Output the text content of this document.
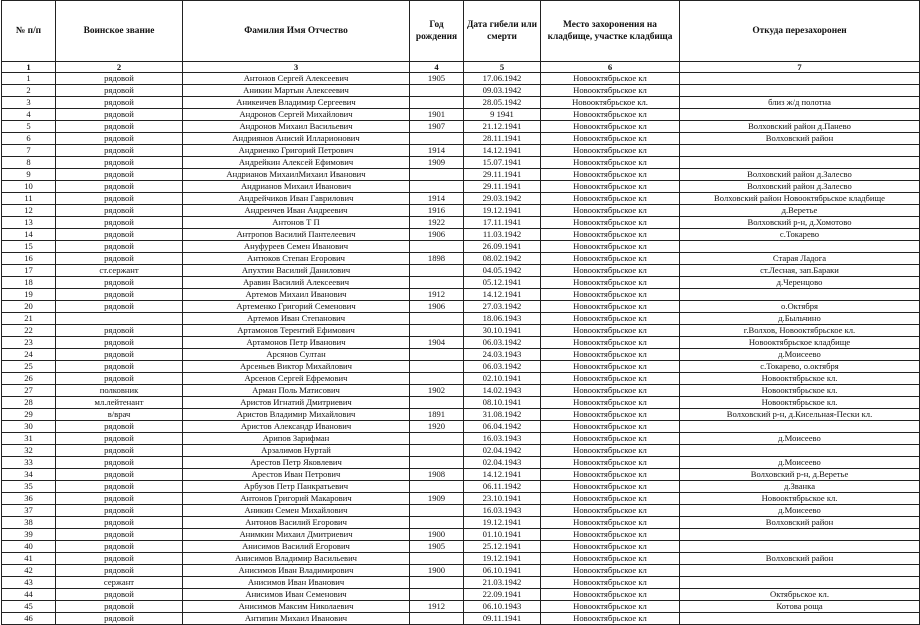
№ п/п	Воинское звание	Фамилия Имя Отчество	Год рождения	Дата гибели или смерти	Место захоронения на кладбище, участке кладбища	Откуда перезахоронен
1	2	3	4	5	6	7
1	рядовой	Антонов Сергей Алексеевич	1905	17.06.1942	Новооктябрьское кл	
2	рядовой	Аникин Мартын Алексеевич		09.03.1942	Новооктябрьское кл	
3	рядовой	Аникеичев Владимир Сергеевич		28.05.1942	Новооктябрьское кл.	близ ж/д полотна
4	рядовой	Андронов Сергей Михайлович	1901	9 1941	Новооктябрьское кл	
5	рядовой	Андронов Михаил Васильевич	1907	21.12.1941	Новооктябрьское кл	Волховский район д.Панево
6	рядовой	Андриянов Анисий Илларионович		28.11.1941	Новооктябрьское кл	Волховский район
7	рядовой	Андриенко Григорий Петрович	1914	14.12.1941	Новооктябрьское кл	
8	рядовой	Андрейкин Алексей Ефимович	1909	15.07.1941	Новооктябрьское кл	
9	рядовой	Андрианов МихаилМихаил Иванович		29.11.1941	Новооктябрьское кл	Волховский район д.Залесво
10	рядовой	Андрианов Михаил Иванович		29.11.1941	Новооктябрьское кл	Волховский район д.Залесво
11	рядовой	Андрейчиков Иван Гаврилович	1914	29.03.1942	Новооктябрьское кл	Волховский район Новооктябрьское кладбище
12	рядовой	Андреичев Иван Андреевич	1916	19.12.1941	Новооктябрьское кл	д.Веретье
13	рядовой	Антонов Т П	1922	17.11.1941	Новооктябрьское кл	Волховский р-н, д.Хомотово
14	рядовой	Антропов Василий Пантелеевич	1906	11.03.1942	Новооктябрьское кл	с.Токарево
15	рядовой	Ануфуреев Семен Иванович		26.09.1941	Новооктябрьское кл	
16	рядовой	Антюков Степан Егорович	1898	08.02.1942	Новооктябрьское кл	Старая Ладога
17	ст.сержант	Апухтин Василий Данилович		04.05.1942	Новооктябрьское кл	ст.Лесная, зап.Бараки
18	рядовой	Аравин Василий Алексеевич		05.12.1941	Новооктябрьское кл	д.Черенцово
19	рядовой	Артемов Михаил Иванович	1912	14.12.1941	Новооктябрьское кл	
20	рядовой	Артеменко Григорий Семенович	1906	27.03.1942	Новооктябрьское кл	о.Октября
21		Артемов Иван Степанович		18.06.1943	Новооктябрьское кл	д.Быльчино
22	рядовой	Артамонов Терентий Ефимович		30.10.1941	Новооктябрьское кл	г.Волхов, Новооктябрьское кл.
23	рядовой	Артамонов Петр Иванович	1904	06.03.1942	Новооктябрьское кл	Новооктябрьское кладбище
24	рядовой	Арсянов Султан		24.03.1943	Новооктябрьское кл	д.Моисеево
25	рядовой	Арсеньев Виктор Михайлович		06.03.1942	Новооктябрьское кл	с.Токарево, о.октября
26	рядовой	Арсенов Сергей Ефремович		02.10.1941	Новооктябрьское кл	Новооктябрьское кл.
27	полковник	Арман Поль Матисович	1902	14.02.1943	Новооктябрьское кл	Новооктябрьское кл.
28	мл.лейтенант	Аристов Игнатий Дмитриевич		08.10.1941	Новооктябрьское кл	Новооктябрьское кл.
29	в/врач	Аристов Владимир Михайлович	1891	31.08.1942	Новооктябрьское кл	Волховский р-н, д.Кисельная-Пески кл.
30	рядовой	Аристов Александр Иванович	1920	06.04.1942	Новооктябрьское кл	
31	рядовой	Арипов Зарифман		16.03.1943	Новооктябрьское кл	д.Моисеево
32	рядовой	Арзалимов Нуртай		02.04.1942	Новооктябрьское кл	
33	рядовой	Арестов Петр Яковлевич		02.04.1943	Новооктябрьское кл	д.Моисеево
34	рядовой	Арестов Иван Петрович	1908	14.12.1941	Новооктябрьское кл	Волховский р-н, д.Веретье
35	рядовой	Арбузов Петр Панкратьевич		06.11.1942	Новооктябрьское кл	д.Званка
36	рядовой	Антонов Григорий Макарович	1909	23.10.1941	Новооктябрьское кл	Новооктябрьское кл.
37	рядовой	Аникин Семен Михайлович		16.03.1943	Новооктябрьское кл	д.Моисеево
38	рядовой	Антонов Василий Егорович		19.12.1941	Новооктябрьское кл	Волховский район
39	рядовой	Анимкин Михаил Дмитриевич	1900	01.10.1941	Новооктябрьское кл	
40	рядовой	Анисимов Василий Егорович	1905	25.12.1941	Новооктябрьское кл	
41	рядовой	Анисимов Владимир Васильевич		19.12.1941	Новооктябрьское кл	Волховский район
42	рядовой	Анисимов Иван Владимирович	1900	06.10.1941	Новооктябрьское кл	
43	сержант	Анисимов Иван Иванович		21.03.1942	Новооктябрьское кл	
44	рядовой	Анисимов Иван Семенович		22.09.1941	Новооктябрьское кл	Октябрьское кл.
45	рядовой	Анисимов Максим Николаевич	1912	06.10.1943	Новооктябрьское кл	Котова роща
46	рядовой	Антипин Михаил Иванович		09.11.1941	Новооктябрьское кл	
